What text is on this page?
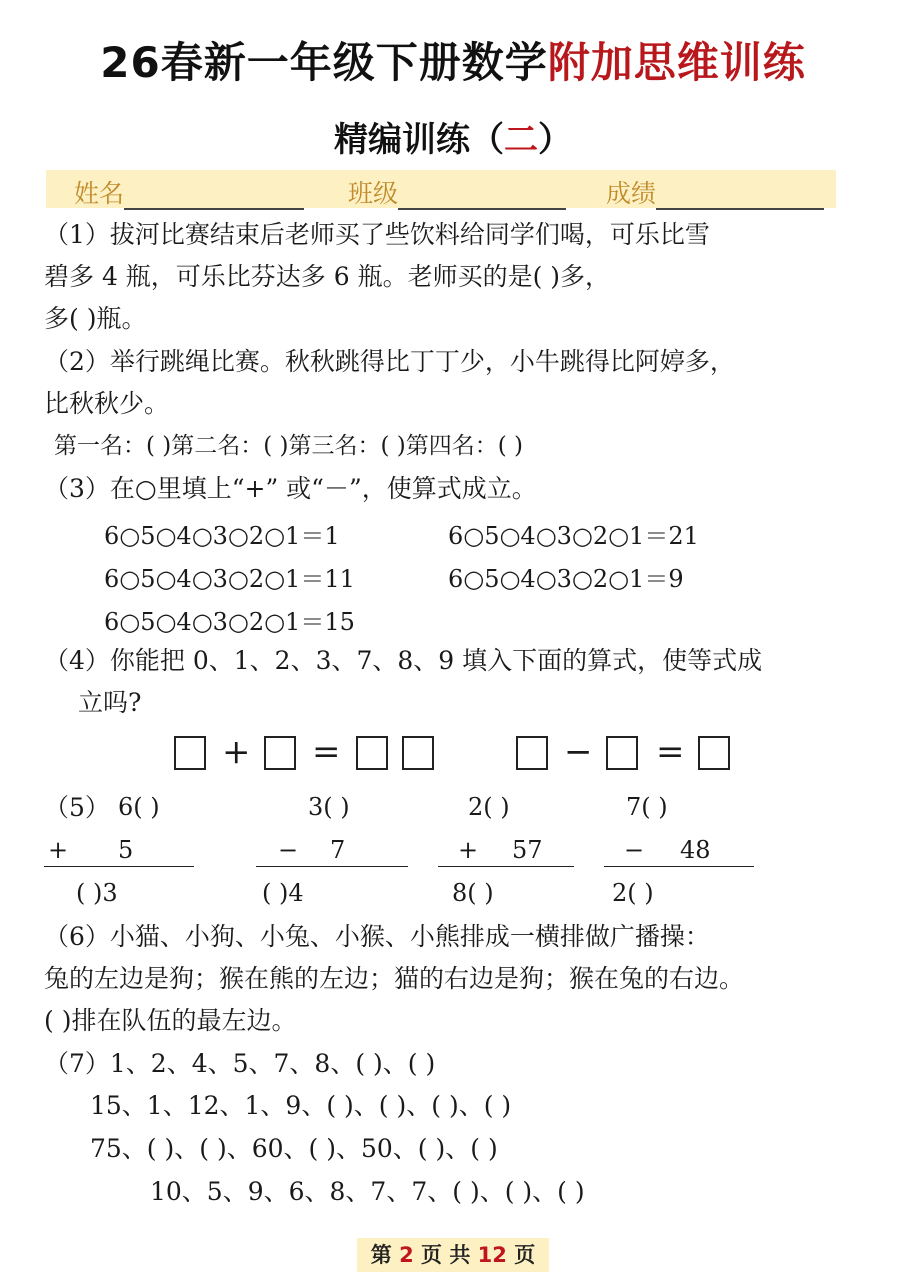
26春新一年级下册数学附加思维训练
精编训练（二）
姓名	班级	成绩
（1）拔河比赛结束后老师买了些饮料给同学们喝，可乐比雪
碧多 4 瓶，可乐比芬达多 6 瓶。老师买的是( )多，
多( )瓶。
（2）举行跳绳比赛。秋秋跳得比丁丁少，小牛跳得比阿婷多，
比秋秋少。
第一名：( )第二名：( )第三名：( )第四名：( )
（3）在○里填上“+” 或“－”，使算式成立。
6○5○4○3○2○1＝1	6○5○4○3○2○1＝21
6○5○4○3○2○1＝11	6○5○4○3○2○1＝9
6○5○4○3○2○1＝15
（4）你能把 0、1、2、3、7、8、9 填入下面的算式，使等式成
立吗?
+ =	− =
（5） 6( )
+ 5
( )3
3( )
− 7
( )4
2( )
+ 57
8( )
7( )
− 48
2( )
（6）小猫、小狗、小兔、小猴、小熊排成一横排做广播操：
兔的左边是狗；猴在熊的左边；猫的右边是狗；猴在兔的右边。
( )排在队伍的最左边。
（7）1、2、4、5、7、8、( )、( )
15、1、12、1、9、( )、( )、( )、( )
75、( )、( )、60、( )、50、( )、( )
10、5、9、6、8、7、7、( )、( )、( )
第 2 页 共 12 页
